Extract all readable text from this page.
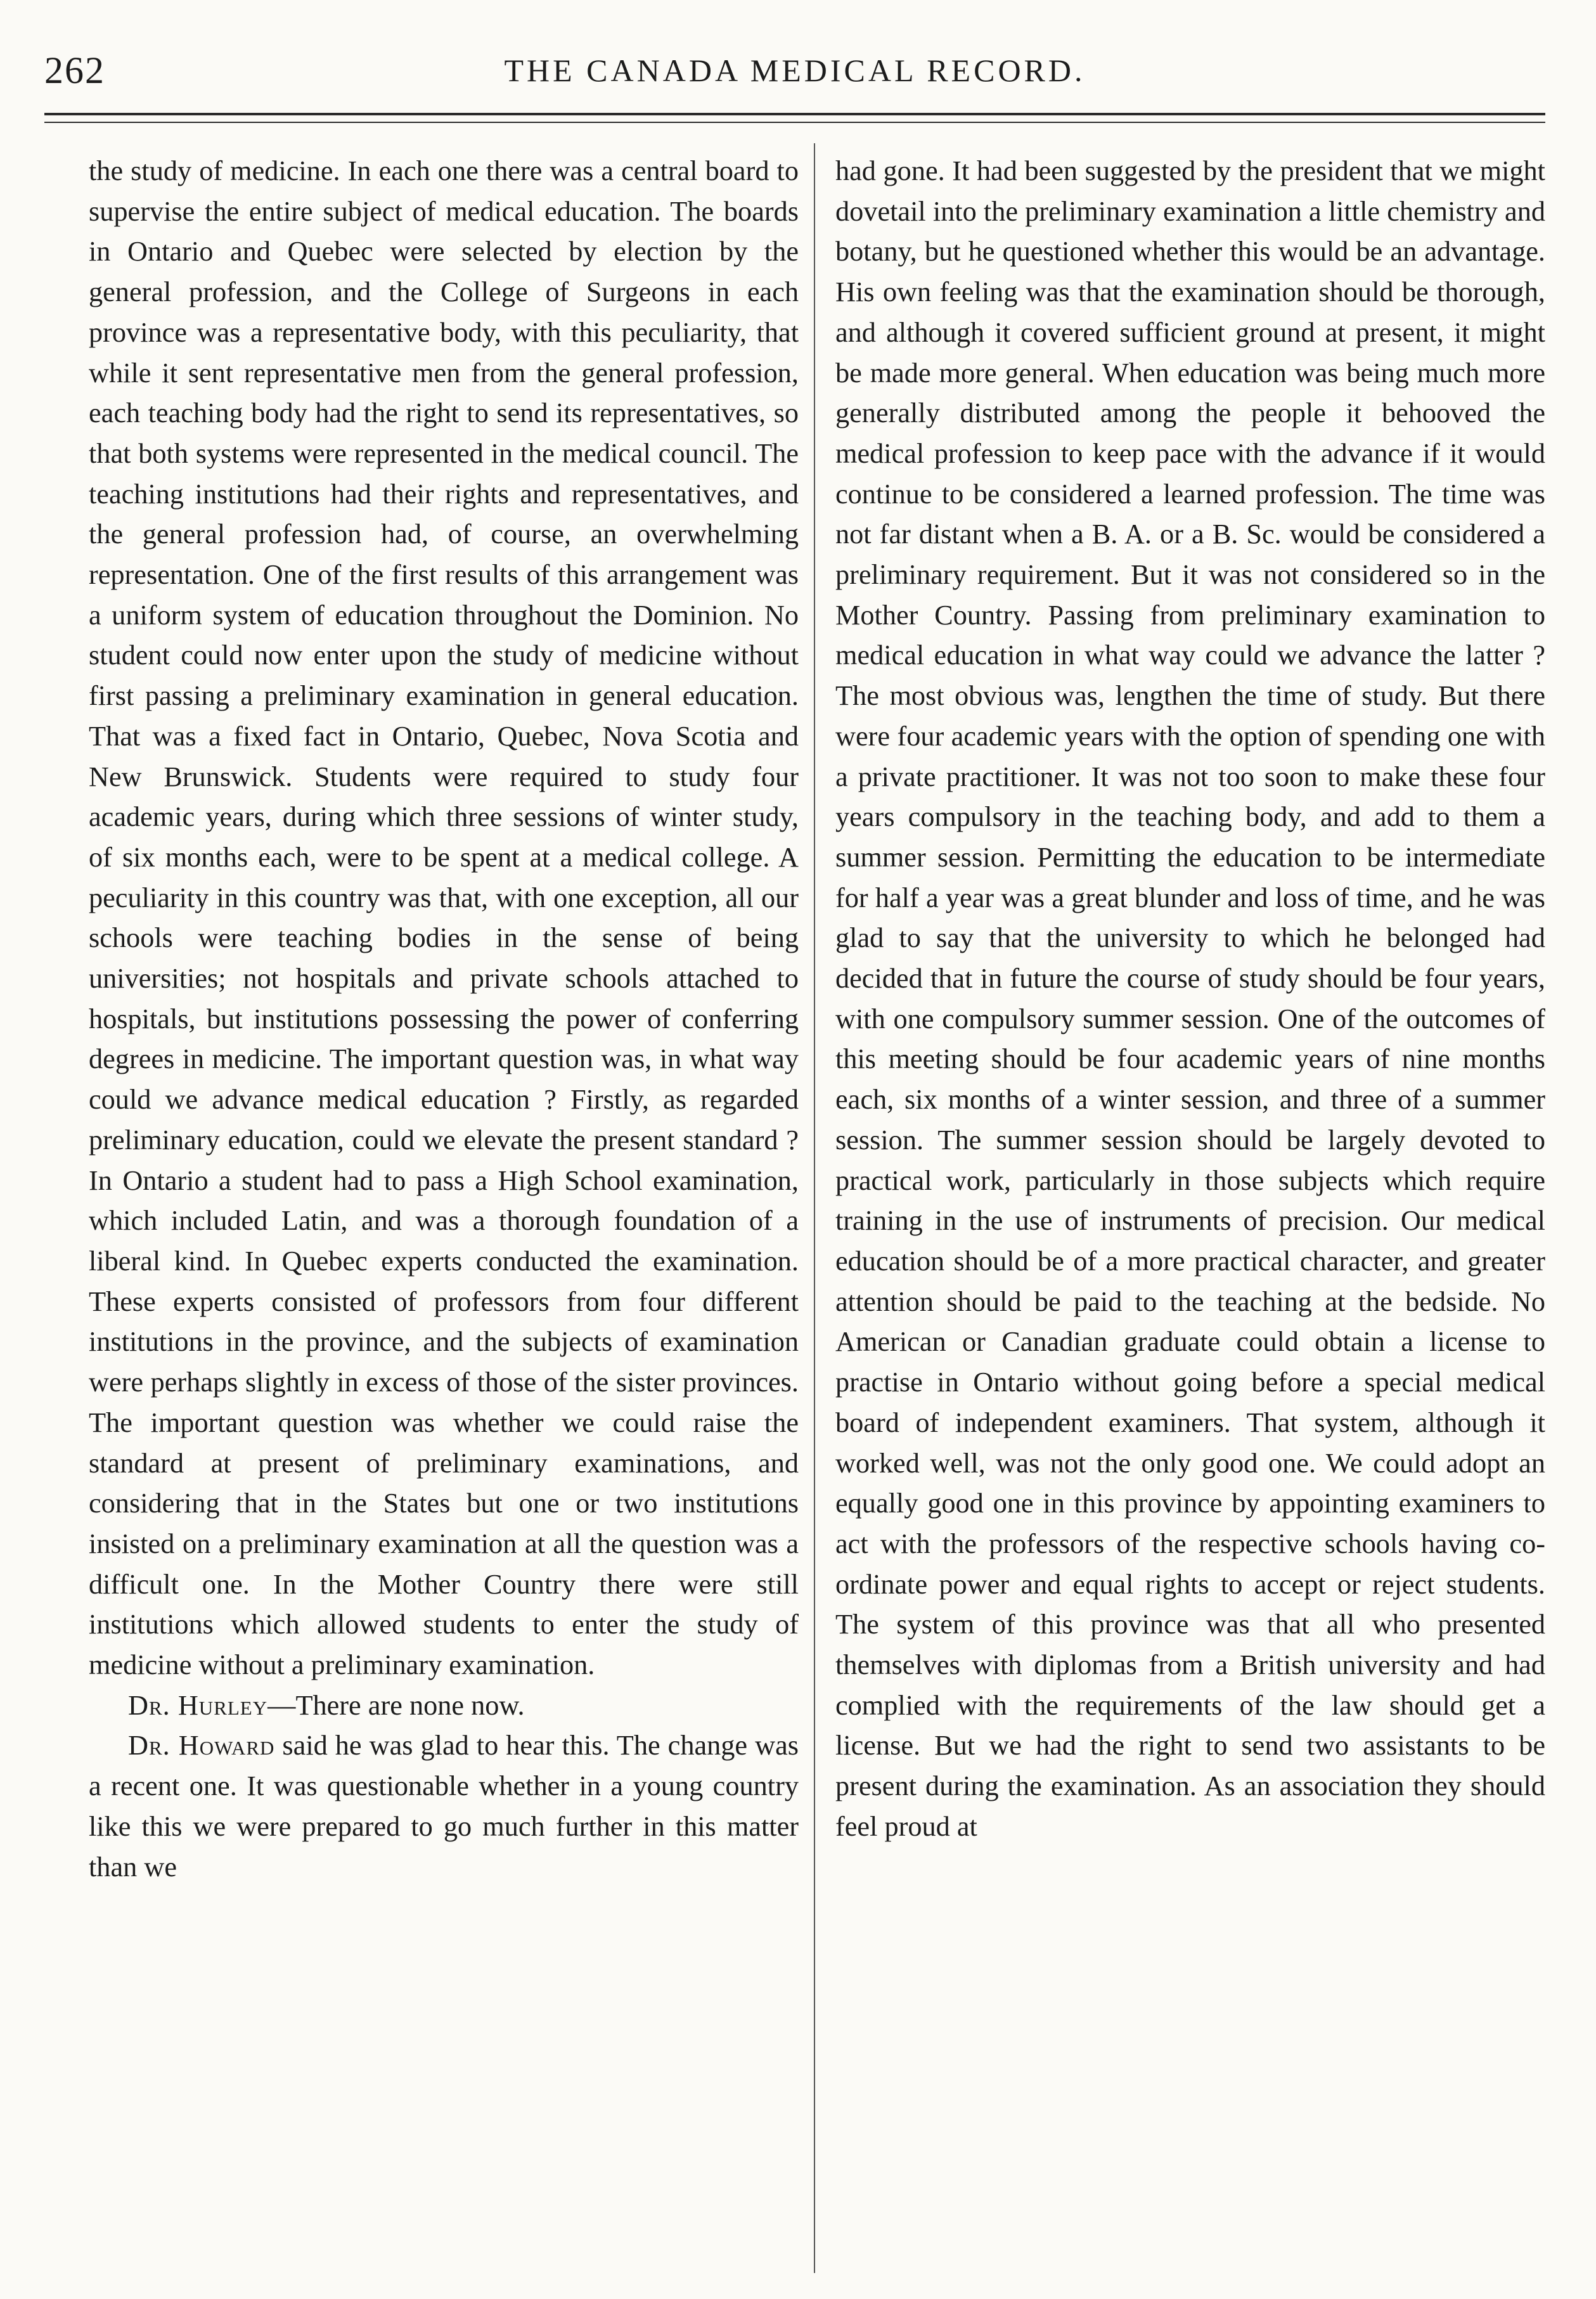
262	THE CANADA MEDICAL RECORD.

the study of medicine. In each one there was a central board to supervise the entire subject of medical education. The boards in Ontario and Quebec were selected by election by the general profession, and the College of Surgeons in each province was a representative body, with this peculiarity, that while it sent representative men from the general profession, each teaching body had the right to send its representatives, so that both systems were represented in the medical council. The teaching institutions had their rights and representatives, and the general profession had, of course, an overwhelming representation. One of the first results of this arrangement was a uniform system of education throughout the Dominion. No student could now enter upon the study of medicine without first passing a preliminary examination in general education. That was a fixed fact in Ontario, Quebec, Nova Scotia and New Brunswick. Students were required to study four academic years, during which three sessions of winter study, of six months each, were to be spent at a medical college. A peculiarity in this country was that, with one exception, all our schools were teaching bodies in the sense of being universities; not hospitals and private schools attached to hospitals, but institutions possessing the power of conferring degrees in medicine. The important question was, in what way could we advance medical education ? Firstly, as regarded preliminary education, could we elevate the present standard ? In Ontario a student had to pass a High School examination, which included Latin, and was a thorough foundation of a liberal kind. In Quebec experts conducted the examination. These experts consisted of professors from four different institutions in the province, and the subjects of examination were perhaps slightly in excess of those of the sister provinces. The important question was whether we could raise the standard at present of preliminary examinations, and considering that in the States but one or two institutions insisted on a preliminary examination at all the question was a difficult one. In the Mother Country there were still institutions which allowed students to enter the study of medicine without a preliminary examination.

Dr. Hurley—There are none now.

Dr. Howard said he was glad to hear this. The change was a recent one. It was questionable whether in a young country like this we were prepared to go much further in this matter than we

had gone. It had been suggested by the president that we might dovetail into the preliminary examination a little chemistry and botany, but he questioned whether this would be an advantage. His own feeling was that the examination should be thorough, and although it covered sufficient ground at present, it might be made more general. When education was being much more generally distributed among the people it behooved the medical profession to keep pace with the advance if it would continue to be considered a learned profession. The time was not far distant when a B. A. or a B. Sc. would be considered a preliminary requirement. But it was not considered so in the Mother Country. Passing from preliminary examination to medical education in what way could we advance the latter ? The most obvious was, lengthen the time of study. But there were four academic years with the option of spending one with a private practitioner. It was not too soon to make these four years compulsory in the teaching body, and add to them a summer session. Permitting the education to be intermediate for half a year was a great blunder and loss of time, and he was glad to say that the university to which he belonged had decided that in future the course of study should be four years, with one compulsory summer session. One of the outcomes of this meeting should be four academic years of nine months each, six months of a winter session, and three of a summer session. The summer session should be largely devoted to practical work, particularly in those subjects which require training in the use of instruments of precision. Our medical education should be of a more practical character, and greater attention should be paid to the teaching at the bedside. No American or Canadian graduate could obtain a license to practise in Ontario without going before a special medical board of independent examiners. That system, although it worked well, was not the only good one. We could adopt an equally good one in this province by appointing examiners to act with the professors of the respective schools having co-ordinate power and equal rights to accept or reject students. The system of this province was that all who presented themselves with diplomas from a British university and had complied with the requirements of the law should get a license. But we had the right to send two assistants to be present during the examination. As an association they should feel proud at
